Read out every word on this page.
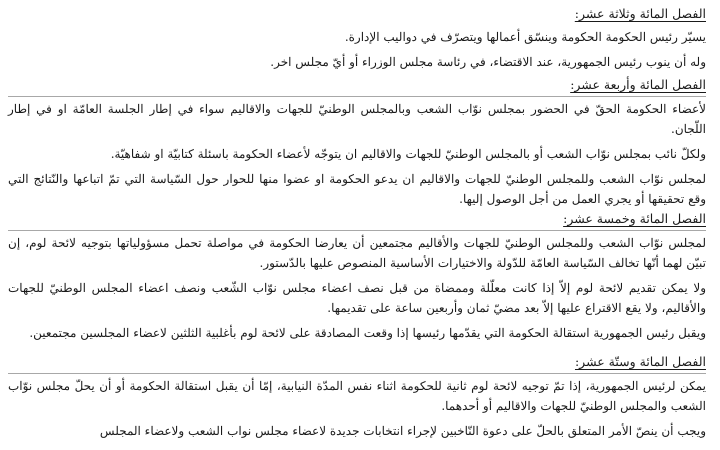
الفصل المائة وثلاثة عشر:

يسيّر رئيس الحكومة الحكومة وينسّق أعمالها ويتصرّف في دواليب الإدارة.

وله أن ينوب رئيس الجمهورية، عند الاقتضاء، في رئاسة مجلس الوزراء أو أيّ مجلس اخر.

الفصل المائة وأربعة عشر:

لأعضاء الحكومة الحقّ في الحضور بمجلس نوّاب الشعب وبالمجلس الوطنيّ للجهات والاقاليم سواء في إطار الجلسة العامّة او في إطار اللّجان.

ولكلّ نائب بمجلس نوّاب الشعب أو بالمجلس الوطنيّ للجهات والاقاليم ان يتوجّه لأعضاء الحكومة باسئلة كتابيّة او شفاهيّة.

لمجلس نوّاب الشعب وللمجلس الوطنيّ للجهات والاقاليم ان يدعو الحكومة او عضوا منها للحوار حول السّياسة التي تمّ اتباعها والنّتائج التي وقع تحقيقها أو يجري العمل من أجل الوصول إليها.

الفصل المائة وخمسة عشر:

لمجلس نوّاب الشعب وللمجلس الوطنيّ للجهات والأقاليم مجتمعين أن يعارضا الحكومة في مواصلة تحمل مسؤولياتها بتوجيه لائحة لوم، إن تبيّن لهما أنّها تخالف السّياسة العامّة للدّولة والاختيارات الأساسية المنصوص عليها بالدّستور.

ولا يمكن تقديم لائحة لوم إلاّ إذا كانت معلّلة وممضاة من قبل نصف اعضاء مجلس نوّاب الشّعب ونصف اعضاء المجلس الوطنيّ للجهات والأقاليم، ولا يقع الاقتراع عليها إلاّ بعد مضيّ ثمان وأربعين ساعة على تقديمها.

ويقبل رئيس الجمهورية استقالة الحكومة التي يقدّمها رئيسها إذا وقعت المصادقة على لائحة لوم بأغلبية الثلثين لاعضاء المجلسين مجتمعين.

الفصل المائة وستّة عشر:

يمكن لرئيس الجمهورية، إذا تمّ توجيه لائحة لوم ثانية للحكومة اثناء نفس المدّة النيابية، إمّا أن يقبل استقالة الحكومة أو أن يحلّ مجلس نوّاب الشعب والمجلس الوطنيّ للجهات والاقاليم أو أحدهما.

ويجب أن ينصّ الأمر المتعلق بالحلّ على دعوة النّاخبين لإجراء انتخابات جديدة لاعضاء مجلس نواب الشعب ولاعضاء المجلس
